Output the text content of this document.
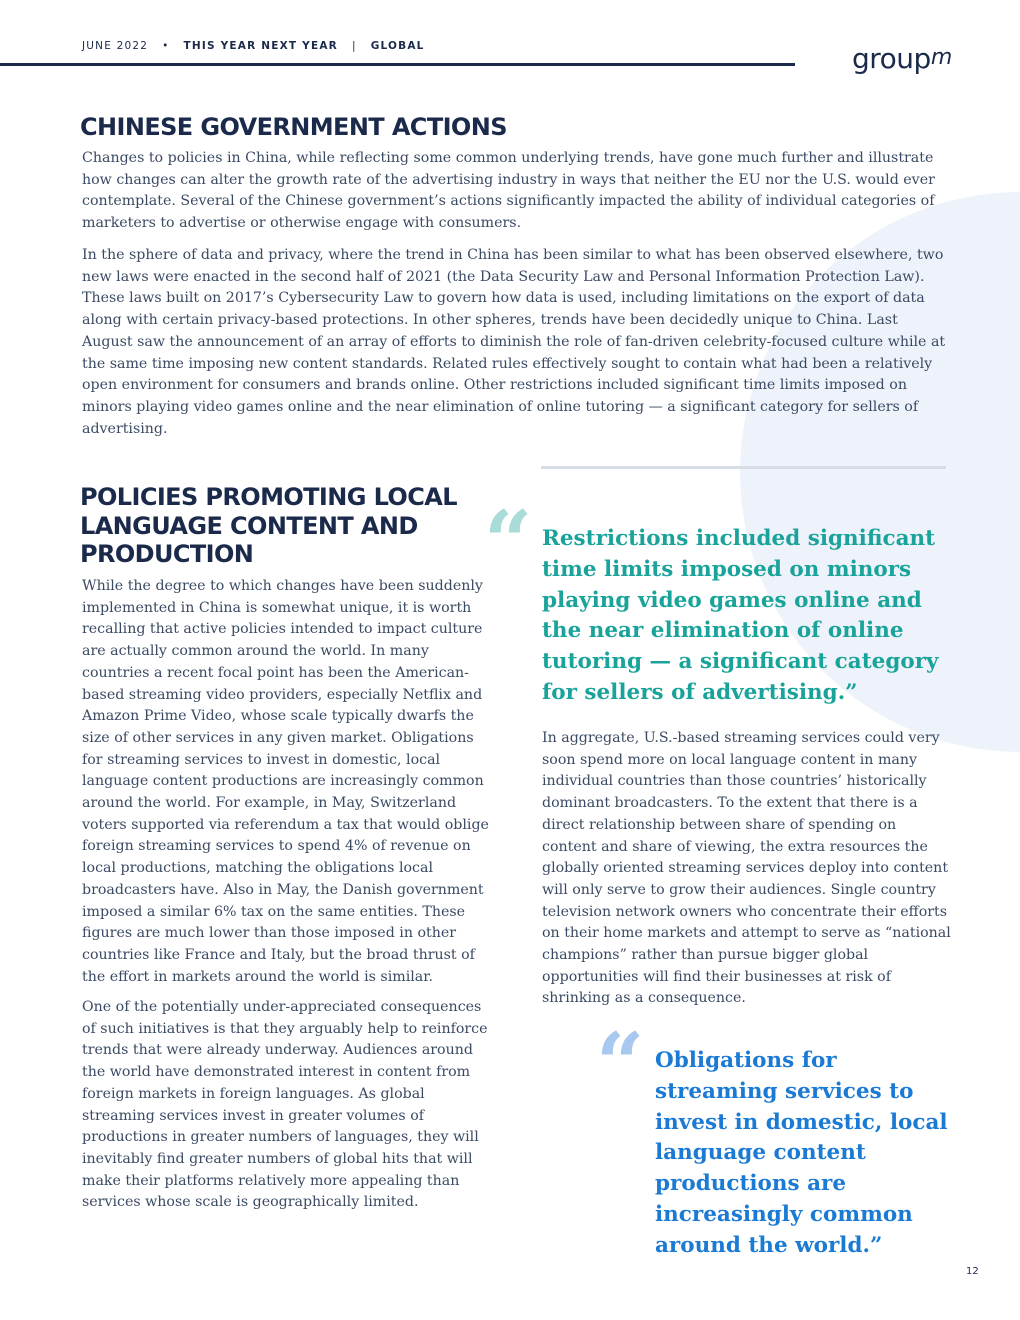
JUNE 2022 • THIS YEAR NEXT YEAR | GLOBAL	group$^m$
CHINESE GOVERNMENT ACTIONS

Changes to policies in China, while reflecting some common underlying trends, have gone much further and illustrate how changes can alter the growth rate of the advertising industry in ways that neither the EU nor the U.S. would ever contemplate. Several of the Chinese government’s actions significantly impacted the ability of individual categories of marketers to advertise or otherwise engage with consumers.

In the sphere of data and privacy, where the trend in China has been similar to what has been observed elsewhere, two new laws were enacted in the second half of 2021 (the Data Security Law and Personal Information Protection Law). These laws built on 2017’s Cybersecurity Law to govern how data is used, including limitations on the export of data along with certain privacy-based protections. In other spheres, trends have been decidedly unique to China. Last August saw the announcement of an array of efforts to diminish the role of fan-driven celebrity-focused culture while at the same time imposing new content standards. Related rules effectively sought to contain what had been a relatively open environment for consumers and brands online. Other restrictions included significant time limits imposed on minors playing video games online and the near elimination of online tutoring — a significant category for sellers of advertising.

POLICIES PROMOTING LOCAL LANGUAGE CONTENT AND PRODUCTION

While the degree to which changes have been suddenly implemented in China is somewhat unique, it is worth recalling that active policies intended to impact culture are actually common around the world. In many countries a recent focal point has been the American-based streaming video providers, especially Netflix and Amazon Prime Video, whose scale typically dwarfs the size of other services in any given market. Obligations for streaming services to invest in domestic, local language content productions are increasingly common around the world. For example, in May, Switzerland voters supported via referendum a tax that would oblige foreign streaming services to spend 4% of revenue on local productions, matching the obligations local broadcasters have. Also in May, the Danish government imposed a similar 6% tax on the same entities. These figures are much lower than those imposed in other countries like France and Italy, but the broad thrust of the effort in markets around the world is similar.

One of the potentially under-appreciated consequences of such initiatives is that they arguably help to reinforce trends that were already underway. Audiences around the world have demonstrated interest in content from foreign markets in foreign languages. As global streaming services invest in greater volumes of productions in greater numbers of languages, they will inevitably find greater numbers of global hits that will make their platforms relatively more appealing than services whose scale is geographically limited.

“ Restrictions included significant time limits imposed on minors playing video games online and the near elimination of online tutoring — a significant category for sellers of advertising.”

In aggregate, U.S.-based streaming services could very soon spend more on local language content in many individual countries than those countries’ historically dominant broadcasters. To the extent that there is a direct relationship between share of spending on content and share of viewing, the extra resources the globally oriented streaming services deploy into content will only serve to grow their audiences. Single country television network owners who concentrate their efforts on their home markets and attempt to serve as “national champions” rather than pursue bigger global opportunities will find their businesses at risk of shrinking as a consequence.

“ Obligations for streaming services to invest in domestic, local language content productions are increasingly common around the world.”

12
